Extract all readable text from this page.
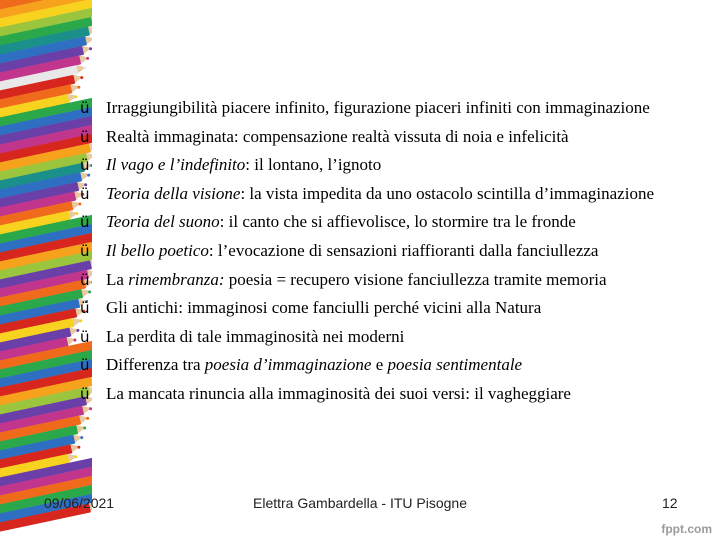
ü Irraggiungibilità piacere infinito, figurazione piaceri infiniti con immaginazione
ü Realtà immaginata: compensazione realtà vissuta di noia e infelicità
ü Il vago e l’indefinito: il lontano, l’ignoto
ü Teoria della visione: la vista impedita da uno ostacolo scintilla d’immaginazione
ü Teoria del suono: il canto che si affievolisce, lo stormire tra le fronde
ü Il bello poetico: l’evocazione di sensazioni riaffioranti dalla fanciullezza
ü La rimembranza: poesia = recupero visione fanciullezza tramite memoria
ü Gli antichi: immaginosi come fanciulli perché vicini alla Natura
ü La perdita di tale immaginosità nei moderni
ü Differenza tra poesia d’immaginazione e poesia sentimentale
ü La mancata rinuncia alla immaginosità dei suoi versi: il vagheggiare
09/06/2021	Elettra Gambardella - ITU Pisogne	12
fppt.com
